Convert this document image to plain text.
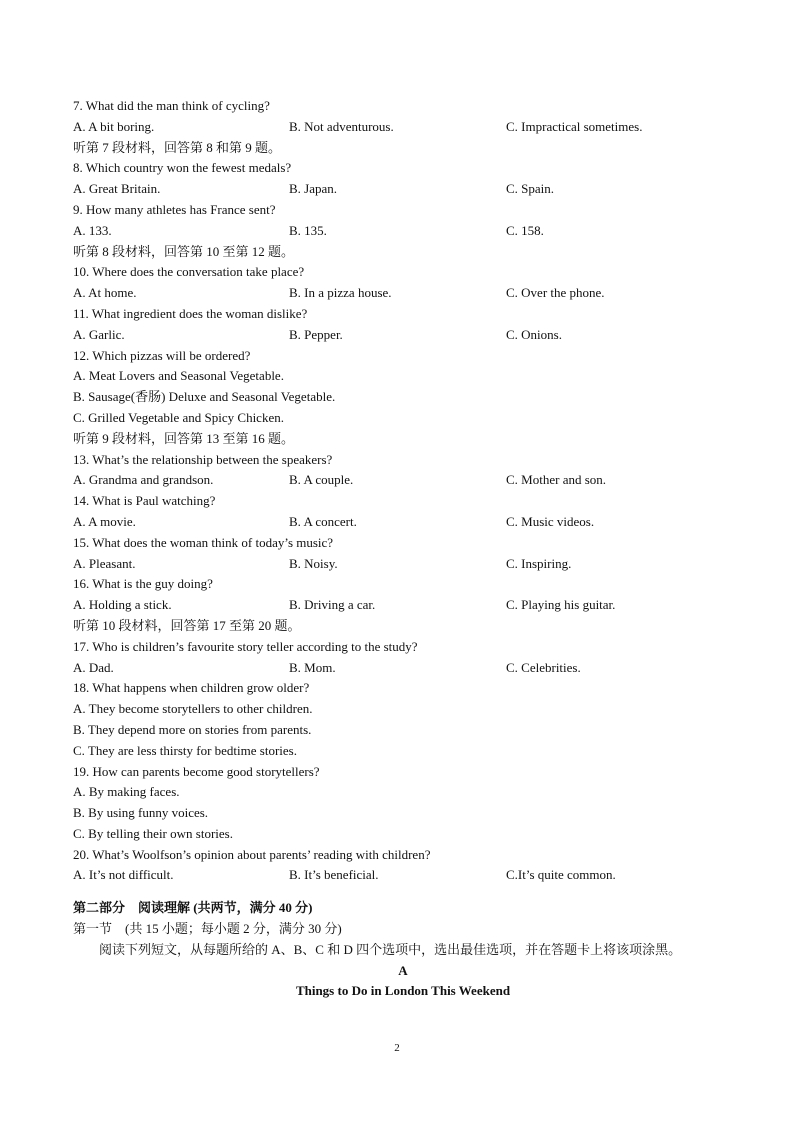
7. What did the man think of cycling?
A. A bit boring.	B. Not adventurous.	C. Impractical sometimes.
听第 7 段材料，回答第 8 和第 9 题。
8. Which country won the fewest medals?
A. Great Britain.	B. Japan.	C. Spain.
9. How many athletes has France sent?
A. 133.	B. 135.	C. 158.
听第 8 段材料，回答第 10 至第 12 题。
10. Where does the conversation take place?
A. At home.	B. In a pizza house.	C. Over the phone.
11. What ingredient does the woman dislike?
A. Garlic.	B. Pepper.	C. Onions.
12. Which pizzas will be ordered?
A. Meat Lovers and Seasonal Vegetable.
B. Sausage(香肠) Deluxe and Seasonal Vegetable.
C. Grilled Vegetable and Spicy Chicken.
听第 9 段材料，回答第 13 至第 16 题。
13. What’s the relationship between the speakers?
A. Grandma and grandson.	B. A couple.	C. Mother and son.
14. What is Paul watching?
A. A movie.	B. A concert.	C. Music videos.
15. What does the woman think of today’s music?
A. Pleasant.	B. Noisy.	C. Inspiring.
16. What is the guy doing?
A. Holding a stick.	B. Driving a car.	C. Playing his guitar.
听第 10 段材料，回答第 17 至第 20 题。
17. Who is children’s favourite story teller according to the study?
A. Dad.	B. Mom.	C. Celebrities.
18. What happens when children grow older?
A. They become storytellers to other children.
B. They depend more on stories from parents.
C. They are less thirsty for bedtime stories.
19. How can parents become good storytellers?
A. By making faces.
B. By using funny voices.
C. By telling their own stories.
20. What’s Woolfson’s opinion about parents’ reading with children?
A. It’s not difficult.	B. It’s beneficial.	C.It’s quite common.
第二部分　阅读理解 (共两节，满分 40 分)
第一节　(共 15 小题；每小题 2 分，满分 30 分)
阅读下列短文，从每题所给的 A、B、C 和 D 四个选项中，选出最佳选项，并在答题卡上将该项涂黑。
A
Things to Do in London This Weekend
2
